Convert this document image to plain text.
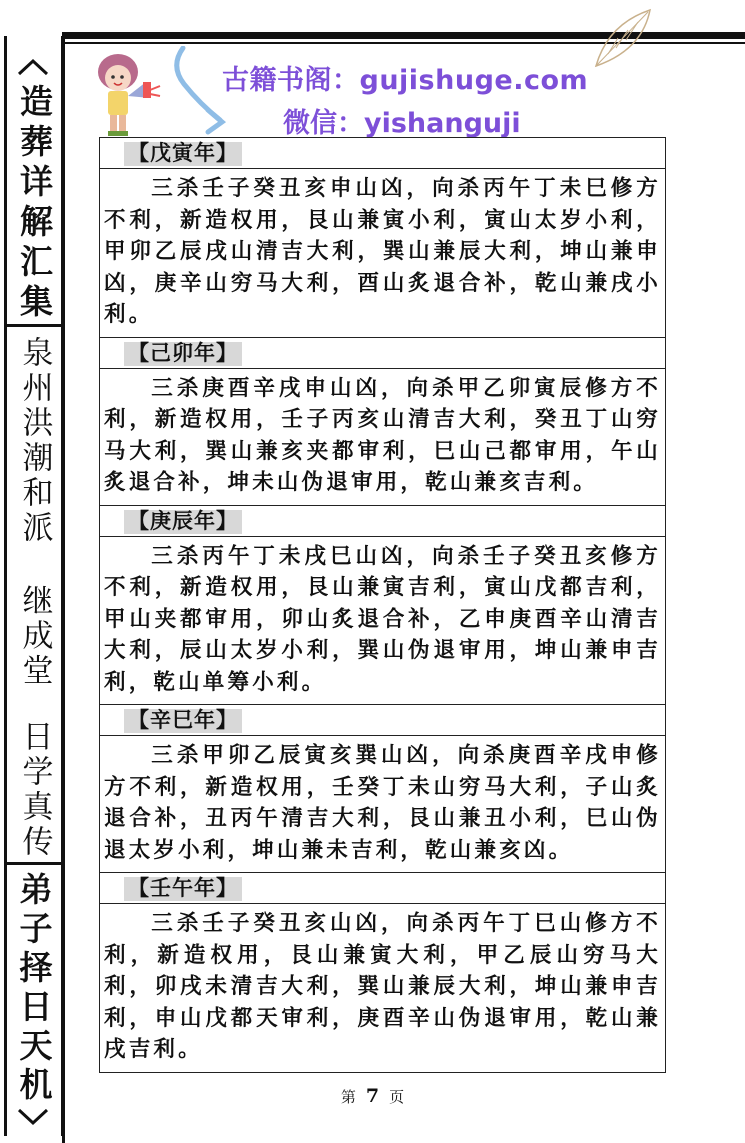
造葬详解汇集
泉州洪潮和派
继成堂
日学真传
弟子择日天机
古籍书阁：gujishuge.com
微信：yishanguji
【戊寅年】
三杀壬子癸丑亥申山凶，向杀丙午丁未巳修方不利，新造权用，艮山兼寅小利，寅山太岁小利，甲卯乙辰戌山清吉大利，巽山兼辰大利，坤山兼申凶，庚辛山穷马大利，酉山炙退合补，乾山兼戌小利。
【己卯年】
三杀庚酉辛戌申山凶，向杀甲乙卯寅辰修方不利，新造权用，壬子丙亥山清吉大利，癸丑丁山穷马大利，巽山兼亥夹都审利，巳山己都审用，午山炙退合补，坤未山伪退审用，乾山兼亥吉利。
【庚辰年】
三杀丙午丁未戌巳山凶，向杀壬子癸丑亥修方不利，新造权用，艮山兼寅吉利，寅山戊都吉利，甲山夹都审用，卯山炙退合补，乙申庚酉辛山清吉大利，辰山太岁小利，巽山伪退审用，坤山兼申吉利，乾山单筹小利。
【辛巳年】
三杀甲卯乙辰寅亥巽山凶，向杀庚酉辛戌申修方不利，新造权用，壬癸丁未山穷马大利，子山炙退合补，丑丙午清吉大利，艮山兼丑小利，巳山伪退太岁小利，坤山兼未吉利，乾山兼亥凶。
【壬午年】
三杀壬子癸丑亥山凶，向杀丙午丁巳山修方不利，新造权用，艮山兼寅大利，甲乙辰山穷马大利，卯戌未清吉大利，巽山兼辰大利，坤山兼申吉利，申山戊都天审利，庚酉辛山伪退审用，乾山兼戌吉利。
第 7 页
